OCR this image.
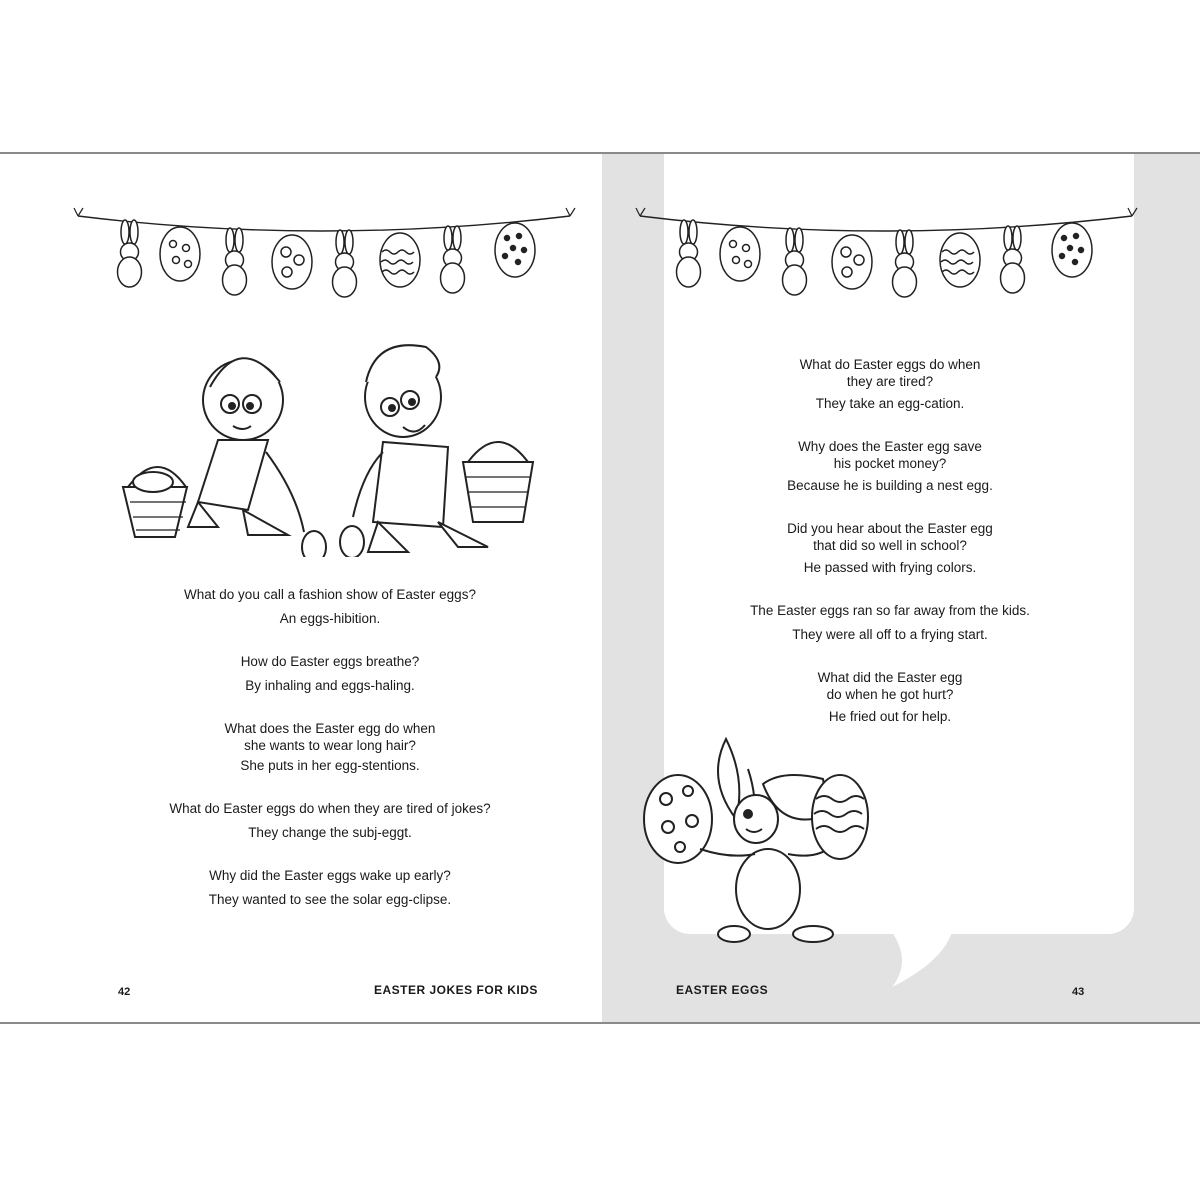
What do you call a fashion show of Easter eggs?
An eggs-hibition.
How do Easter eggs breathe?
By inhaling and eggs-haling.
What does the Easter egg do when
she wants to wear long hair?
She puts in her egg-stentions.
What do Easter eggs do when they are tired of jokes?
They change the subj-eggt.
Why did the Easter eggs wake up early?
They wanted to see the solar egg-clipse.
42	EASTER JOKES FOR KIDS
What do Easter eggs do when
they are tired?
They take an egg-cation.
Why does the Easter egg save
his pocket money?
Because he is building a nest egg.
Did you hear about the Easter egg
that did so well in school?
He passed with frying colors.
The Easter eggs ran so far away from the kids.
They were all off to a frying start.
What did the Easter egg
do when he got hurt?
He fried out for help.
EASTER EGGS	43
